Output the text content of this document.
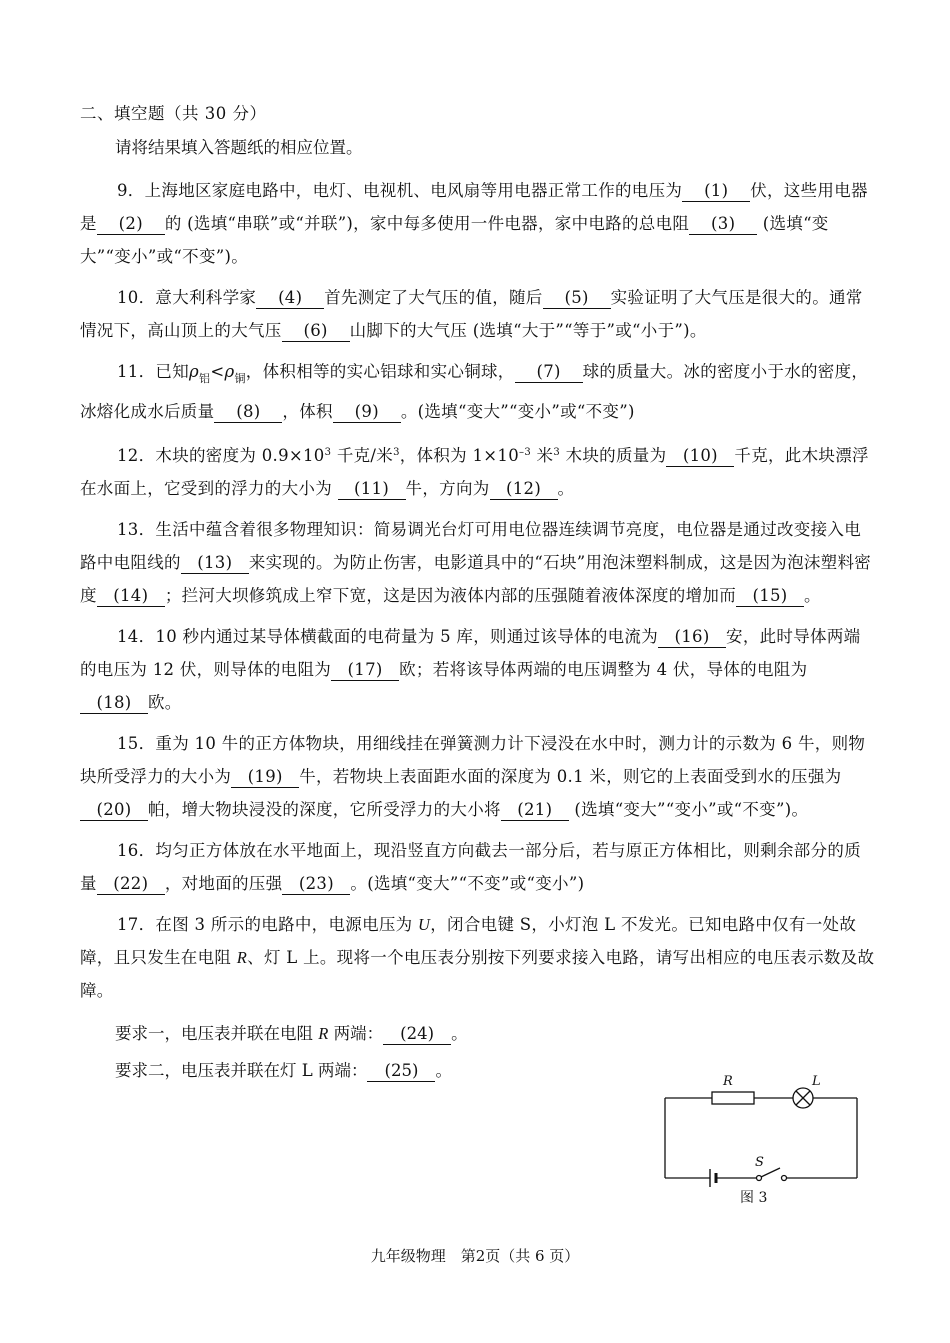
二、填空题（共 30 分）
请将结果填入答题纸的相应位置。

9．上海地区家庭电路中，电灯、电视机、电风扇等用电器正常工作的电压为 (1) 伏，这些用电器是 (2) 的 (选填“串联”或“并联”)，家中每多使用一件电器，家中电路的总电阻 (3) (选填“变大”“变小”或“不变”)。

10．意大利科学家 (4) 首先测定了大气压的值，随后 (5) 实验证明了大气压是很大的。通常情况下，高山顶上的大气压 (6) 山脚下的大气压 (选填“大于”“等于”或“小于”)。

11．已知$\rho_铝<\rho_铜$，体积相等的实心铝球和实心铜球， (7) 球的质量大。冰的密度小于水的密度，冰熔化成水后质量 (8) ，体积 (9) 。(选填“变大”“变小”或“不变”)

12．木块的密度为 $0.9\times 10^3$ 千克/米$^3$，体积为 $1\times 10^{-3}$ 米$^3$ 木块的质量为 (10) 千克，此木块漂浮在水面上，它受到的浮力的大小为 (11) 牛，方向为 (12) 。

13．生活中蕴含着很多物理知识：简易调光台灯可用电位器连续调节亮度，电位器是通过改变接入电路中电阻线的 (13) 来实现的。为防止伤害，电影道具中的“石块”用泡沫塑料制成，这是因为泡沫塑料密度 (14) ；拦河大坝修筑成上窄下宽，这是因为液体内部的压强随着液体深度的增加而 (15) 。

14．10 秒内通过某导体横截面的电荷量为 5 库，则通过该导体的电流为 (16) 安，此时导体两端的电压为 12 伏，则导体的电阻为 (17) 欧；若将该导体两端的电压调整为 4 伏，导体的电阻为(18) 欧。

15．重为 10 牛的正方体物块，用细线挂在弹簧测力计下浸没在水中时，测力计的示数为 6 牛，则物块所受浮力的大小为 (19) 牛，若物块上表面距水面的深度为 0.1 米，则它的上表面受到水的压强为(20) 帕，增大物块浸没的深度，它所受浮力的大小将 (21) (选填“变大”“变小”或“不变”)。

16．均匀正方体放在水平地面上，现沿竖直方向截去一部分后，若与原正方体相比，则剩余部分的质量 (22) ，对地面的压强 (23) 。(选填“变大”“不变”或“变小”)

17．在图 3 所示的电路中，电源电压为 U，闭合电键 S，小灯泡 L 不发光。已知电路中仅有一处故障，且只发生在电阻 R、灯 L 上。现将一个电压表分别按下列要求接入电路，请写出相应的电压表示数及故障。

要求一，电压表并联在电阻 R 两端： (24) 。
要求二，电压表并联在灯 L 两端： (25) 。
R	L
S
图 3
九年级物理　第2页（共 6 页）
